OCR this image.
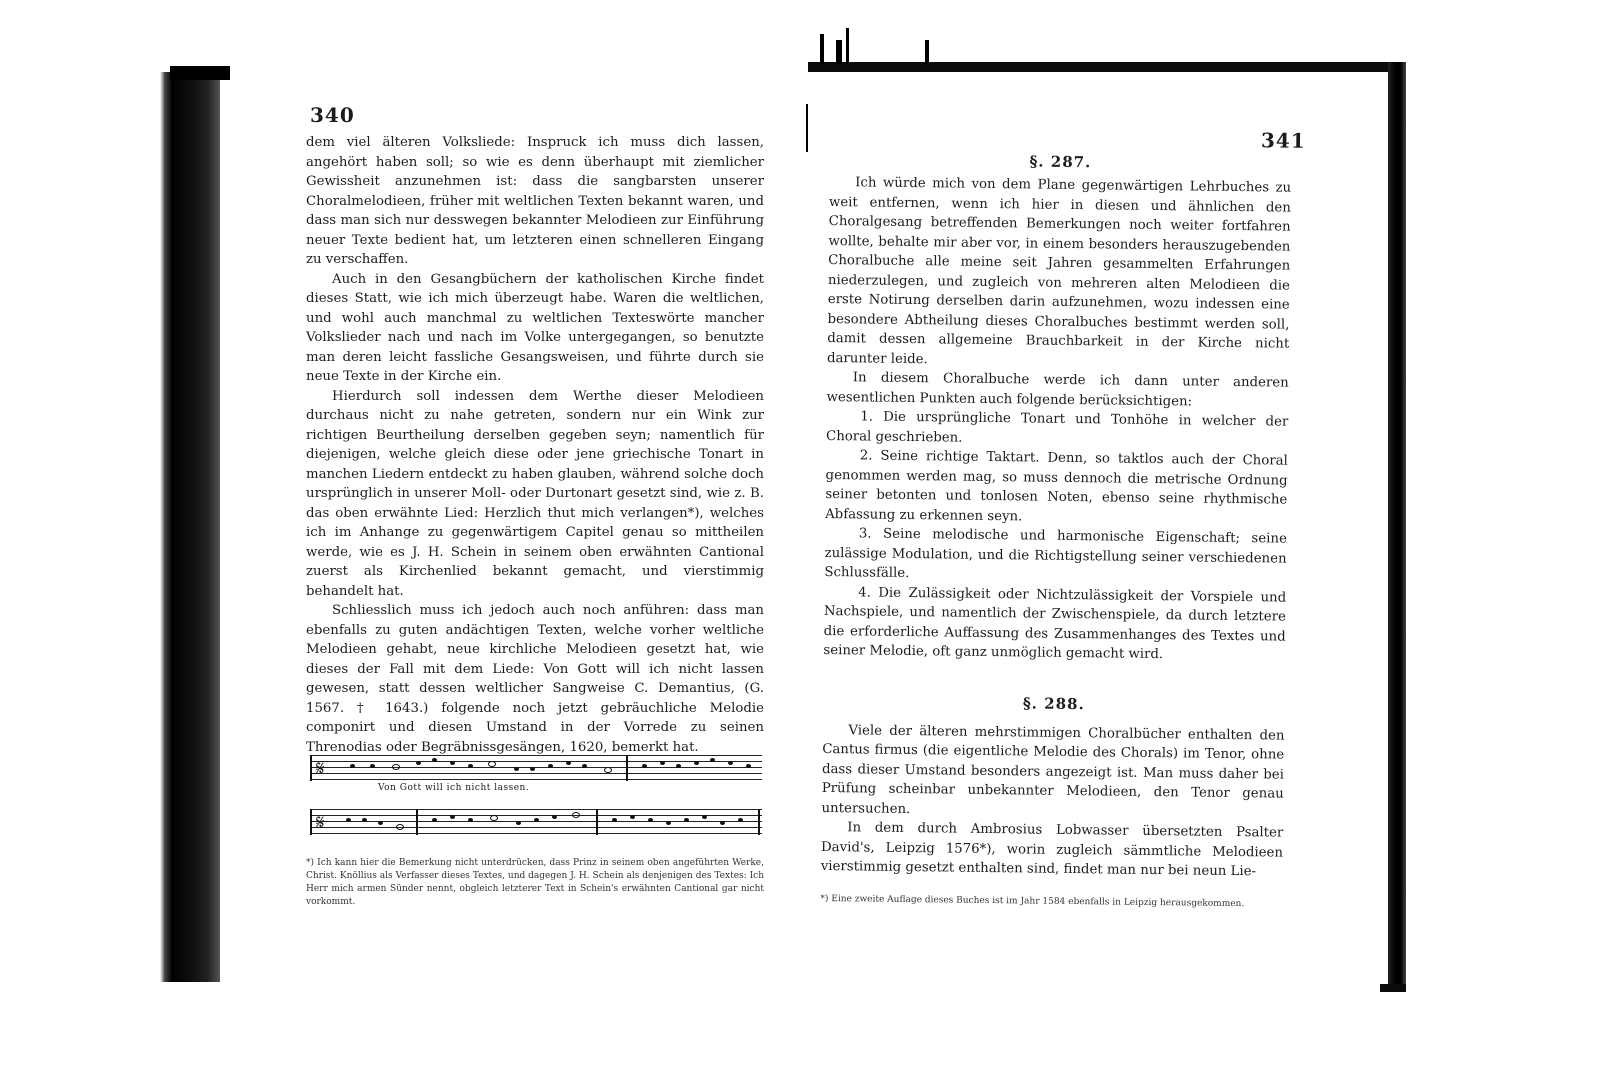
340

dem viel älteren Volksliede: Inspruck ich muss dich lassen, angehört haben soll; so wie es denn überhaupt mit ziemlicher Gewissheit anzunehmen ist: dass die sangbarsten unserer Choralmelodieen, früher mit weltlichen Texten bekannt waren, und dass man sich nur desswegen bekannter Melodieen zur Einführung neuer Texte bedient hat, um letzteren einen schnelleren Eingang zu verschaffen.

Auch in den Gesangbüchern der katholischen Kirche findet dieses Statt, wie ich mich überzeugt habe. Waren die weltlichen, und wohl auch manchmal zu weltlichen Texteswörte mancher Volkslieder nach und nach im Volke untergegangen, so benutzte man deren leicht fassliche Gesangsweisen, und führte durch sie neue Texte in der Kirche ein.

Hierdurch soll indessen dem Werthe dieser Melodieen durchaus nicht zu nahe getreten, sondern nur ein Wink zur richtigen Beurtheilung derselben gegeben seyn; namentlich für diejenigen, welche gleich diese oder jene griechische Tonart in manchen Liedern entdeckt zu haben glauben, während solche doch ursprünglich in unserer Moll- oder Durtonart gesetzt sind, wie z. B. das oben erwähnte Lied: Herzlich thut mich verlangen*), welches ich im Anhange zu gegenwärtigem Capitel genau so mittheilen werde, wie es J. H. Schein in seinem oben erwähnten Cantional zuerst als Kirchenlied bekannt gemacht, und vierstimmig behandelt hat.

Schliesslich muss ich jedoch auch noch anführen: dass man ebenfalls zu guten andächtigen Texten, welche vorher weltliche Melodieen gehabt, neue kirchliche Melodieen gesetzt hat, wie dieses der Fall mit dem Liede: Von Gott will ich nicht lassen gewesen, statt dessen weltlicher Sangweise C. Demantius, (G. 1567. † 1643.) folgende noch jetzt gebräuchliche Melodie componirt und diesen Umstand in der Vorrede zu seinen Threnodias oder Begräbnissgesängen, 1620, bemerkt hat.

𝄋
Von Gott will ich nicht lassen.
𝄋
*) Ich kann hier die Bemerkung nicht unterdrücken, dass Prinz in seinem oben angeführten Werke, Christ. Knöllius als Verfasser dieses Textes, und dagegen J. H. Schein als denjenigen des Textes: Ich Herr mich armen Sünder nennt, obgleich letzterer Text in Schein's erwähnten Cantional gar nicht vorkommt.
341
§. 287.

Ich würde mich von dem Plane gegenwärtigen Lehrbuches zu weit entfernen, wenn ich hier in diesen und ähnlichen den Choralgesang betreffenden Bemerkungen noch weiter fortfahren wollte, behalte mir aber vor, in einem besonders herauszugebenden Choralbuche alle meine seit Jahren gesammelten Erfahrungen niederzulegen, und zugleich von mehreren alten Melodieen die erste Notirung derselben darin aufzunehmen, wozu indessen eine besondere Abtheilung dieses Choralbuches bestimmt werden soll, damit dessen allgemeine Brauchbarkeit in der Kirche nicht darunter leide.

In diesem Choralbuche werde ich dann unter anderen wesentlichen Punkten auch folgende berücksichtigen:

1. Die ursprüngliche Tonart und Tonhöhe in welcher der Choral geschrieben.

2. Seine richtige Taktart. Denn, so taktlos auch der Choral genommen werden mag, so muss dennoch die metrische Ordnung seiner betonten und tonlosen Noten, ebenso seine rhythmische Abfassung zu erkennen seyn.

3. Seine melodische und harmonische Eigenschaft; seine zulässige Modulation, und die Richtigstellung seiner verschiedenen Schlussfälle.

4. Die Zulässigkeit oder Nichtzulässigkeit der Vorspiele und Nachspiele, und namentlich der Zwischenspiele, da durch letztere die erforderliche Auffassung des Zusammenhanges des Textes und seiner Melodie, oft ganz unmöglich gemacht wird.

§. 288.

Viele der älteren mehrstimmigen Choralbücher enthalten den Cantus firmus (die eigentliche Melodie des Chorals) im Tenor, ohne dass dieser Umstand besonders angezeigt ist. Man muss daher bei Prüfung scheinbar unbekannter Melodieen, den Tenor genau untersuchen.

In dem durch Ambrosius Lobwasser übersetzten Psalter David's, Leipzig 1576*), worin zugleich sämmtliche Melodieen vierstimmig gesetzt enthalten sind, findet man nur bei neun Lie-

*) Eine zweite Auflage dieses Buches ist im Jahr 1584 ebenfalls in Leipzig herausgekommen.
